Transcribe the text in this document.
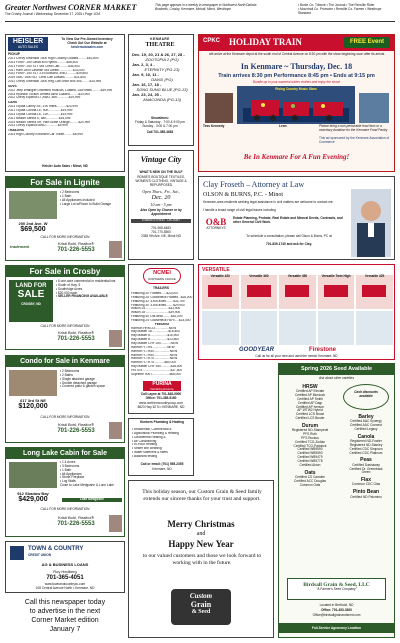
Greater Northwest CORNER MARKET
The Crosby Journal • Wednesday, December 17, 2025 • Page 1CM
This page appears in a weekly in-newspaper in Northwest North Dakota
Bowbells, Crosby, Kenmare, Mohall, Minot, Westhope
• Burke Co. Tribune • The Journal • The Renville Rider
• Mountrail Co. Promoter • Renville Co. Farmer • Westhope Standard
HEISLER
AUTO SALES
To View Our Pre-Owned Inventory
Check Out Our Website at
heislerautosales.com
PICKUP
2021 Chevy Silverado 1500 High Country Loaded..........$52,800
2023 Ford F-150 Lariat 4x4 Hybrid...........$48,500
2021 Ford F-150 XLT 4x4 Crew Cab..........$35,900
2017 Ram 2500 Laramie 4x4 Diesel................$33,000
2022 Ford F-150 XLT 3.5 Ecoboost, 4WD...........$39,800
2019 GMC 1500 SLT Crew Cab Loaded...........$31,800
2012 Chevy Silverado 1500 Reg Cab Short Box 4x4.........$14,995
SUVS
2022 Jeep Wrangler Unlimited Rubicon, Loaded, Low Miles..........$39,999
2024 Hyundai Tucson Limited AWD Loaded..........$33,900
2022 Chevy Equinox LT AWD, 46K.............$19,999
CARS
2023 Toyota Camry SE, 31K miles...........$23,999
2021 Toyota Corolla LE, 50K..............$19,999
2023 Toyota Corolla LE, 12K..............$19,999
2021 Nissan Sentra S, 58K..............$16,495
2024 Nissan Sentra SR, Half Dome Orange..........$20,999
2013 Chevy Equinox AWD..............$9,999
TRAILERS
2023 High Country Enclosed Car Trailer..........$8,999
Heisler Auto Sales • Minot, ND
KENMARE
THEATRE
Dec. 19, 20, 21 & 26, 27, 28 -
ZOOTOPIA 2 (PG)
Jan. 2, 3, 4 -
ETERNITY (PG-13)
Jan. 9, 10, 11 -
DAVID (PG)
Jan. 16, 17, 18 -
SONG SUNG BLUE (PG-13)
Jan. 23, 24, 25 -
ANACONDA (PG-13)
Showtimes:
Friday & Saturday - 7:00 & 9:00 pm
Sunday - 3:00 & 7:00 pm
Call 701-385-4683
CPKC HOLIDAY TRAIN	FREE Event
will arrive at the Kenmare depot at the south end of Central Avenue on 8:30 pm with the show beginning soon after its arrival.
In Kenmare ~ Thursday, Dec. 18
Train arrives 8:30 pm Performance 8:45 pm • Ends at 9:15 pm
Bundle up in your warmest winter clothes and enjoy the show!
Rising Country Music Stars
Tess Kennedy	Leon	Please bring a non-perishable food item or a monetary donation for the Kenmare Food Pantry
This ad sponsored by the Kenmare Association of Commerce
Be In Kenmare For A Fun Evening!
For Sale in Lignite
• 2 Bedrooms
• 1 Bath
• All Appliances Included
• Large Lot w/Room to Build Garage
200 2nd Ave. W
$69,500
CALL FOR MORE INFORMATION
trademark
Kristi Bohl, Realtor®
701-226-5553
Vintage City
WHAT'S NEW ON THE GULF
ROMIE'S BOUTIQUE TEXTILES, WOMEN'S CLOTHING, VINTAGE & REPURPOSED
Open Thurs., Fri., Sat.,
Dec. 20
10 am - 5 pm
Also Open by Chance or by Appointment
5 MAIN STREET CROSBY
701-965-6483
701-770-8500
2355 9th Ave. NE, Minot ND
Clay Froseth – Attorney at Law
OLSON & BURNS, P.C. - Minot
Kenmare-area residents seeking legal assistance in civil matters are welcome to contact me.
I handle a broad range of civil legal issues including
O&B
ATTORNEYS
Estate Planning, Probate, Real Estate and Mineral Deeds, Contracts, and other General Civil Work.
To schedule a consultation, please call Olson & Burns, PC at
701-839-1740 and ask for Clay.
For Sale in Crosby
LAND FOR
SALE
CROSBY, ND
• 6 one-acre commercial or residential lots
• South of Hwy. 5
• Southridge Acres
• $20,000 each
• SELLER FINANCING AVAILABLE
CALL FOR MORE INFORMATION
Kristi Bohl, Realtor®
701-226-5553
NCMEI
NORTHERN CHOICE
TRAILERS
Featuring 20' Flatbed......$23,000
Featuring 25' Gooseneck Flatbed...$26,000
Featuring 32' 3-ton axles........$33,750
Featuring 30' 3-ton axles........$29,900
Wilson 24'..........................$33,900
Wilson 28'..........................$39,900
Featuring 40' Dbl-deck.........$52,000
Featuring 24' Gooseneck FAFE....$14,500
FEEDING
Harmon HRM 23'...............NEW
Hay Master 16'..................$16,500
Hay Master 8'...................$15,900
Hay Master 8'...................$13,800
Hay Master CHF 200...........NEW
Harmon Y-TR5.................NEW
Harmon Y-TR40..................NEW
Harmon Y-TR50..................NEW
Harmon Y-TR70..................NEW
Harmon Y-TR75............$60,000
Hay Master CHF 540...........$38,500
Pro 475................................$37,500
Supreme 900T....................$66,000
PURINA
Nourishing tomorrow
Call Layne at 701-848-9000
Office: 701-385-5160
www.northerncountrycoop.com
8623 Hwy 52 N • KENMARE, ND
VERSATILE
Versatile 420	Versatile 360	Versatile 450	Versatile Twin High	Versatile 325
GOODYEAR	Firestone
Call us for all your new and used tire needs! Kenmare, ND
Condo for Sale in Kenmare
• 2 Bedrooms
• 2 Baths
• Single attached garage
• Double detached garage
• Covered patio & garden space
617 3rd St NE
$120,000
CALL FOR MORE INFORMATION
Kristi Bohl, Realtor®
701-226-5553
Kimbers Plumbing & Heating
• Residential, Commercial &
• Agricultural Plumbing & Heating
• Geothermal Heating &
• Air Conditioning
• In-Floor Heating
• Sewer line cleaning
• Water softeners & filters
• Backflow testing
Call or email: (701) 555-2355
Kenmare, ND
Spring 2026 Seed Available
Ask about other varieties
HRSW
Certified AP Elevate
Certified AP Murdock
Certified AP Smith
Certified AP Dagr
Certified AP Iverson
AP 19TW2 Hybrid
Certified LCS Boost
Certified LCS Buster
Durum
Registered ND-Stampede
PFS Ruth
PFS Ruckus
Certified TCG-Zodiac
Certified TCG-Paddock
Certified WB9590
Certified WB9593
Certified WB9479
Certified WB9778
Certified Akron
Oats
Certified CS Camden
Certified ACC Douglas
Common Oats
Cash discounts available
Barley
Certified AAC Synergy
Certified AAC Connect
Certified Legacy
Canola
Registered ND-Fowler
Registered ND-Stanley
Certified CDC Simpson
Certified CDC Platinum
Peas
Certified Dashaway
Certified Dr. Greenback
Green
Flax
Common CDC Glas
Pinto Bean
Certified ND Palomino
Birdsall Grain & Seed, LLC
"A Farmer's Seed Company"
Located in Berthold, ND
Office: 701-453-3300
Office@birdsallgrainandseed.com
Full-Service Agronomy Location
Long Lake Cabin for Sale
• 1.4 Acres
• 3 Bedrooms
• 1 Bath
• All Appliances
• Stone Fireplace
• Log Walls
Close to Lake Metigoshe & Lunn Lake
912 Shadow Bay
$429,000	Lake Metigoshe
CALL FOR MORE INFORMATION
Kristi Bohl, Realtor®
701-226-5553
This holiday season, our Custom Grain & Seed family extends our sincere thanks for your trust and support.
Merry Christmas
and
Happy New Year
to our valued customers and those we look forward to working with in the future.
Custom
Grain
& Seed
TOWN & COUNTRY
CREDIT UNION
AG & BUSINESS LOANS
Roy Hedberg
701-365-4051
www.townandcountrycu.com
108 Central Avenue North • Kenmare, ND
Call this newspaper today
to advertise in the next
Corner Market edition
January 7
